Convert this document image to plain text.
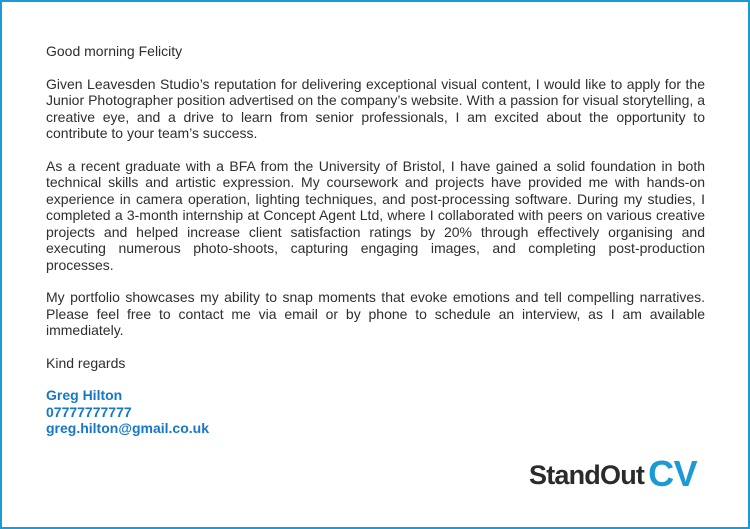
Good morning Felicity

Given Leavesden Studio’s reputation for delivering exceptional visual content, I would like to apply for the Junior Photographer position advertised on the company’s website. With a passion for visual storytelling, a creative eye, and a drive to learn from senior professionals, I am excited about the opportunity to contribute to your team’s success.

As a recent graduate with a BFA from the University of Bristol, I have gained a solid foundation in both technical skills and artistic expression. My coursework and projects have provided me with hands-on experience in camera operation, lighting techniques, and post-processing software. During my studies, I completed a 3-month internship at Concept Agent Ltd, where I collaborated with peers on various creative projects and helped increase client satisfaction ratings by 20% through effectively organising and executing numerous photo-shoots, capturing engaging images, and completing post-production processes.

My portfolio showcases my ability to snap moments that evoke emotions and tell compelling narratives. Please feel free to contact me via email or by phone to schedule an interview, as I am available immediately.

Kind regards

Greg Hilton

07777777777

greg.hilton@gmail.co.uk

StandOut CV
